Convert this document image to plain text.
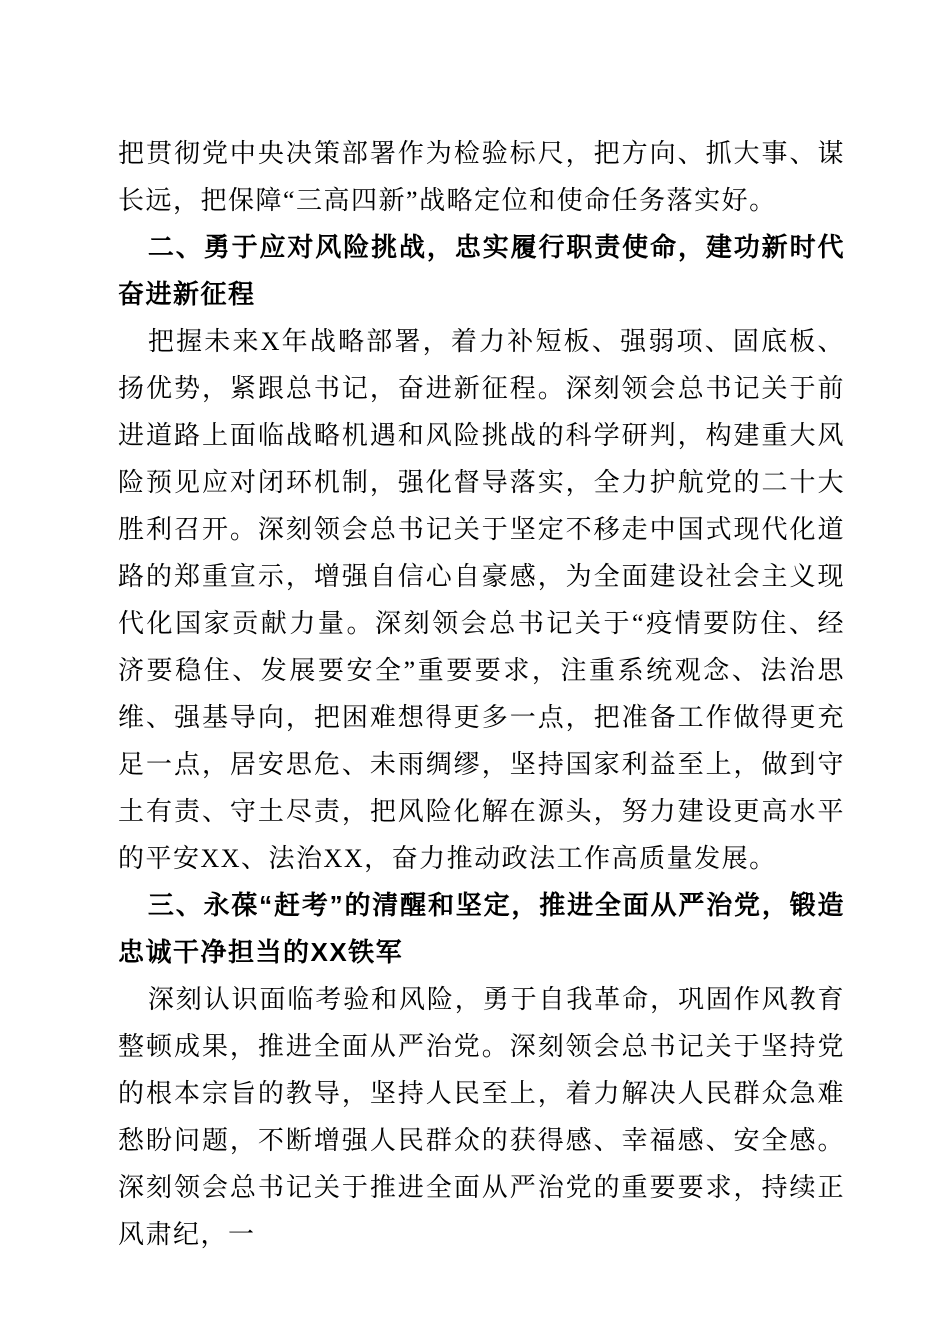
把贯彻党中央决策部署作为检验标尺，把方向、抓大事、谋长远，把保障“三高四新”战略定位和使命任务落实好。

二、勇于应对风险挑战，忠实履行职责使命，建功新时代奋进新征程

把握未来X年战略部署，着力补短板、强弱项、固底板、扬优势，紧跟总书记，奋进新征程。深刻领会总书记关于前进道路上面临战略机遇和风险挑战的科学研判，构建重大风险预见应对闭环机制，强化督导落实，全力护航党的二十大胜利召开。深刻领会总书记关于坚定不移走中国式现代化道路的郑重宣示，增强自信心自豪感，为全面建设社会主义现代化国家贡献力量。深刻领会总书记关于“疫情要防住、经济要稳住、发展要安全”重要要求，注重系统观念、法治思维、强基导向，把困难想得更多一点，把准备工作做得更充足一点，居安思危、未雨绸缪，坚持国家利益至上，做到守土有责、守土尽责，把风险化解在源头，努力建设更高水平的平安XX、法治XX，奋力推动政法工作高质量发展。

三、永葆“赶考”的清醒和坚定，推进全面从严治党，锻造忠诚干净担当的XX铁军

深刻认识面临考验和风险，勇于自我革命，巩固作风教育整顿成果，推进全面从严治党。深刻领会总书记关于坚持党的根本宗旨的教导，坚持人民至上，着力解决人民群众急难愁盼问题，不断增强人民群众的获得感、幸福感、安全感。深刻领会总书记关于推进全面从严治党的重要要求，持续正风肃纪，一
